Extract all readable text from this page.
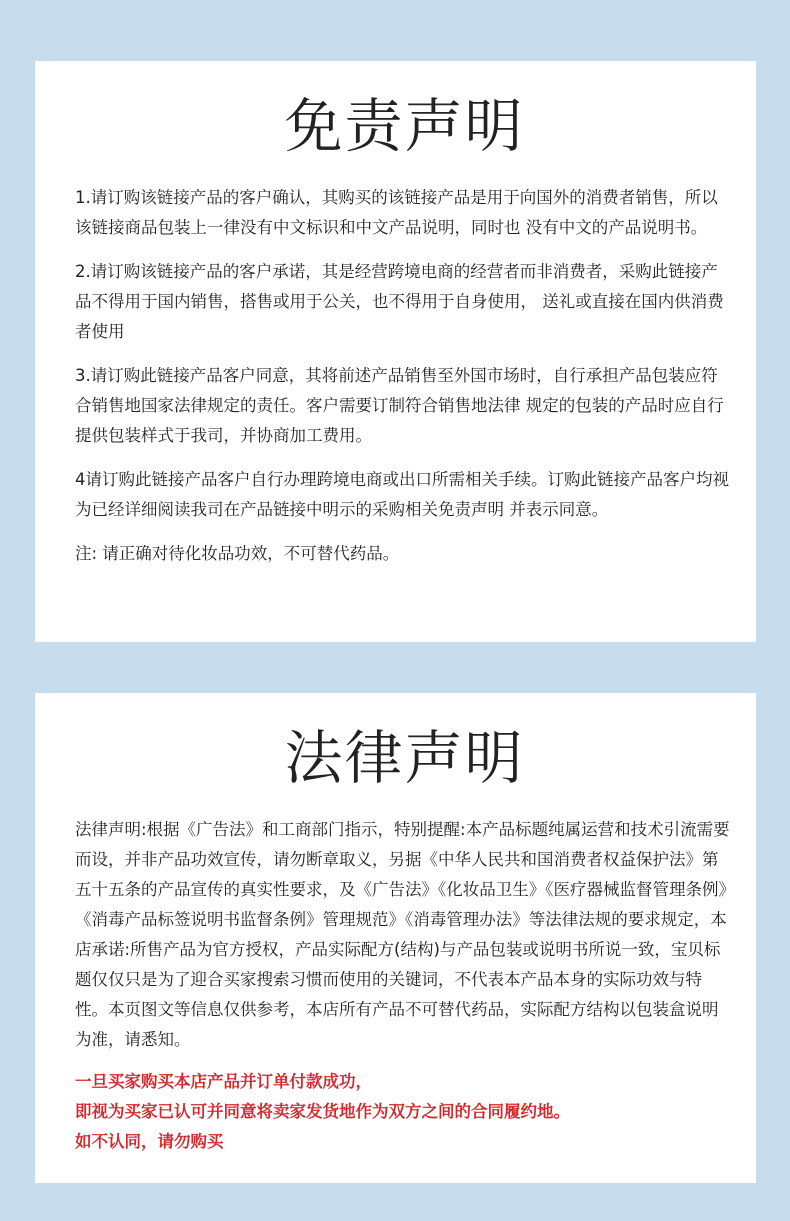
免责声明

1.请订购该链接产品的客户确认，其购买的该链接产品是用于向国外的消费者销售，所以该链接商品包装上一律没有中文标识和中文产品说明，同时也 没有中文的产品说明书。

2.请订购该链接产品的客户承诺，其是经营跨境电商的经营者而非消费者，采购此链接产品不得用于国内销售，搭售或用于公关，也不得用于自身使用， 送礼或直接在国内供消费者使用

3.请订购此链接产品客户同意，其将前述产品销售至外国市场时，自行承担产品包装应符合销售地国家法律规定的责任。客户需要订制符合销售地法律 规定的包装的产品时应自行提供包装样式于我司，并协商加工费用。

4请订购此链接产品客户自行办理跨境电商或出口所需相关手续。订购此链接产品客户均视为已经详细阅读我司在产品链接中明示的采购相关免责声明 并表示同意。

注: 请正确对待化妆品功效，不可替代药品。

法律声明

法律声明:根据《广告法》和工商部门指示，特别提醒:本产品标题纯属运营和技术引流需要而设，并非产品功效宣传，请勿断章取义，另据《中华人民共和国消费者权益保护法》第五十五条的产品宣传的真实性要求，及《广告法》《化妆品卫生》《医疗器械监督管理条例》《消毒产品标签说明书监督条例》管理规范》《消毒管理办法》等法律法规的要求规定，本店承诺:所售产品为官方授权，产品实际配方(结构)与产品包装或说明书所说一致，宝贝标题仅仅只是为了迎合买家搜索习惯而使用的关键词，不代表本产品本身的实际功效与特性。本页图文等信息仅供参考，本店所有产品不可替代药品，实际配方结构以包装盒说明为准，请悉知。

一旦买家购买本店产品并订单付款成功，

即视为买家已认可并同意将卖家发货地作为双方之间的合同履约地。

如不认同，请勿购买
